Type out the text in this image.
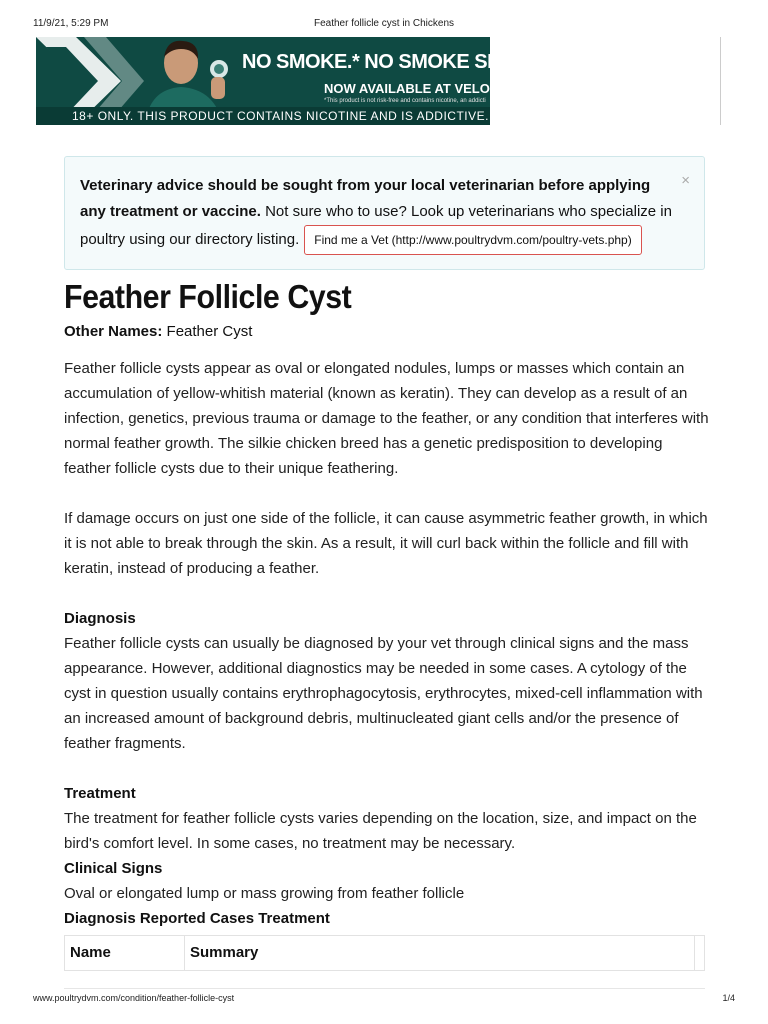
11/9/21, 5:29 PM	Feather follicle cyst in Chickens
NO SMOKE.* NO SMOKE SMEL
NOW AVAILABLE AT VELO
*This product is not risk-free and contains nicotine, an addicti
18+ ONLY. THIS PRODUCT CONTAINS NICOTINE AND IS ADDICTIVE.
Veterinary advice should be sought from your local veterinarian before applying any treatment or vaccine. Not sure who to use? Look up veterinarians who specialize in poultry using our directory listing. Find me a Vet (http://www.poultrydvm.com/poultry-vets.php)
×
Feather Follicle Cyst
Other Names: Feather Cyst

Feather follicle cysts appear as oval or elongated nodules, lumps or masses which contain an accumulation of yellow-whitish material (known as keratin). They can develop as a result of an infection, genetics, previous trauma or damage to the feather, or any condition that interferes with normal feather growth. The silkie chicken breed has a genetic predisposition to developing feather follicle cysts due to their unique feathering.

If damage occurs on just one side of the follicle, it can cause asymmetric feather growth, in which it is not able to break through the skin. As a result, it will curl back within the follicle and fill with keratin, instead of producing a feather.

Diagnosis

Feather follicle cysts can usually be diagnosed by your vet through clinical signs and the mass appearance. However, additional diagnostics may be needed in some cases. A cytology of the cyst in question usually contains erythrophagocytosis, erythrocytes, mixed-cell inflammation with an increased amount of background debris, multinucleated giant cells and/or the presence of feather fragments.

Treatment

The treatment for feather follicle cysts varies depending on the location, size, and impact on the bird's comfort level. In some cases, no treatment may be necessary.

Clinical Signs

Oval or elongated lump or mass growing from feather follicle

Diagnosis Reported Cases Treatment
Name	Summary
www.poultrydvm.com/condition/feather-follicle-cyst	1/4
